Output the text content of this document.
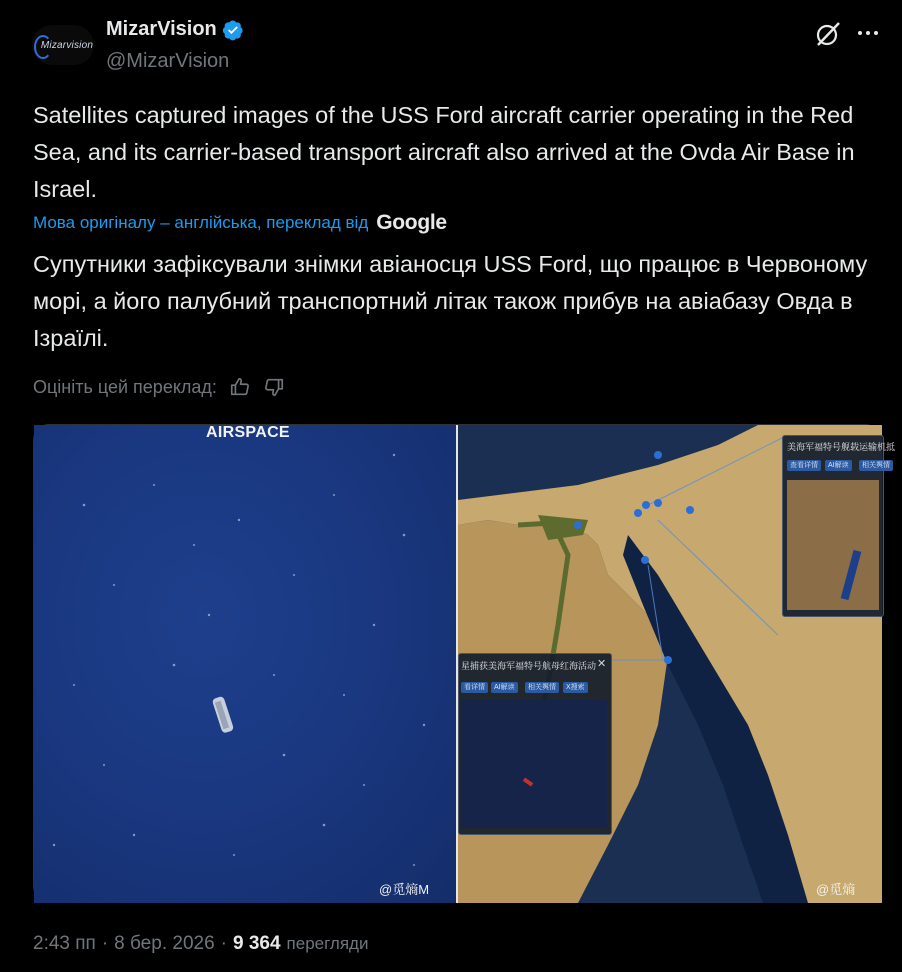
Mizarvision
MizarVision
@MizarVision
Satellites captured images of the USS Ford aircraft carrier operating in the Red Sea, and its carrier-based transport aircraft also arrived at the Ovda Air Base in Israel.
Мова оригіналу – англійська, переклад від Google
Супутники зафіксували знімки авіаносця USS Ford, що працює в Червоному морі, а його палубний транспортний літак також прибув на авіабазу Овда в Ізраїлі.
Оцініть цей переклад:
AIRSPACE
@觅熵M
美海军福特号舰载运输机抵
查看详情	AI解读	相关舆情
星捕获美海军福特号航母红海活动 ✕
看详情	AI解读	相关舆情	X搜索
@觅熵
2:43 пп · 8 бер. 2026 · 9 364 перегляди
